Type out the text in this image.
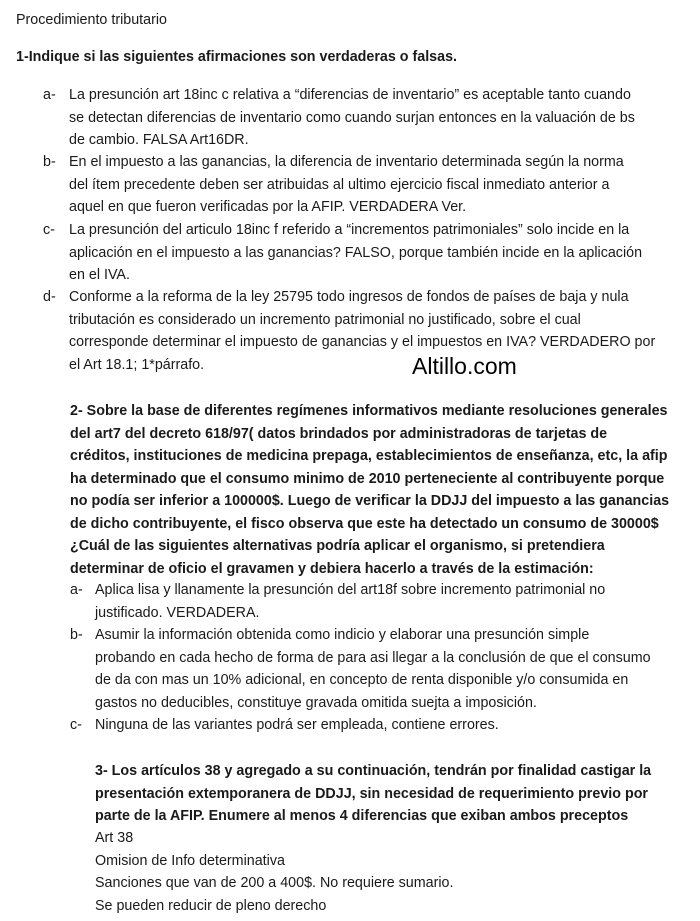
Procedimiento tributario
1-Indique si las siguientes afirmaciones son verdaderas o falsas.
a- La presunción art 18inc c relativa a “diferencias de inventario” es aceptable tanto cuando
se detectan diferencias de inventario como cuando surjan entonces en la valuación de bs
de cambio. FALSA Art16DR.
b- En el impuesto a las ganancias, la diferencia de inventario determinada según la norma
del ítem precedente deben ser atribuidas al ultimo ejercicio fiscal inmediato anterior a
aquel en que fueron verificadas por la AFIP. VERDADERA Ver.
c- La presunción del articulo 18inc f referido a “incrementos patrimoniales” solo incide en la
aplicación en el impuesto a las ganancias? FALSO, porque también incide en la aplicación
en el IVA.
d- Conforme a la reforma de la ley 25795 todo ingresos de fondos de países de baja y nula
tributación es considerado un incremento patrimonial no justificado, sobre el cual
corresponde determinar el impuesto de ganancias y el impuestos en IVA? VERDADERO por
el Art 18.1; 1*párrafo.	Altillo.com
2- Sobre la base de diferentes regímenes informativos mediante resoluciones generales
del art7 del decreto 618/97( datos brindados por administradoras de tarjetas de
créditos, instituciones de medicina prepaga, establecimientos de enseñanza, etc, la afip
ha determinado que el consumo minimo de 2010 perteneciente al contribuyente porque
no podía ser inferior a 100000$. Luego de verificar la DDJJ del impuesto a las ganancias
de dicho contribuyente, el fisco observa que este ha detectado un consumo de 30000$
¿Cuál de las siguientes alternativas podría aplicar el organismo, si pretendiera
determinar de oficio el gravamen y debiera hacerlo a través de la estimación:
a- Aplica lisa y llanamente la presunción del art18f sobre incremento patrimonial no
justificado. VERDADERA.
b- Asumir la información obtenida como indicio y elaborar una presunción simple
probando en cada hecho de forma de para asi llegar a la conclusión de que el consumo
de da con mas un 10% adicional, en concepto de renta disponible y/o consumida en
gastos no deducibles, constituye gravada omitida suejta a imposición.
c- Ninguna de las variantes podrá ser empleada, contiene errores.
3- Los artículos 38 y agregado a su continuación, tendrán por finalidad castigar la
presentación extemporanera de DDJJ, sin necesidad de requerimiento previo por
parte de la AFIP. Enumere al menos 4 diferencias que exiban ambos preceptos
Art 38
Omision de Info determinativa
Sanciones que van de 200 a 400$. No requiere sumario.
Se pueden reducir de pleno derecho
